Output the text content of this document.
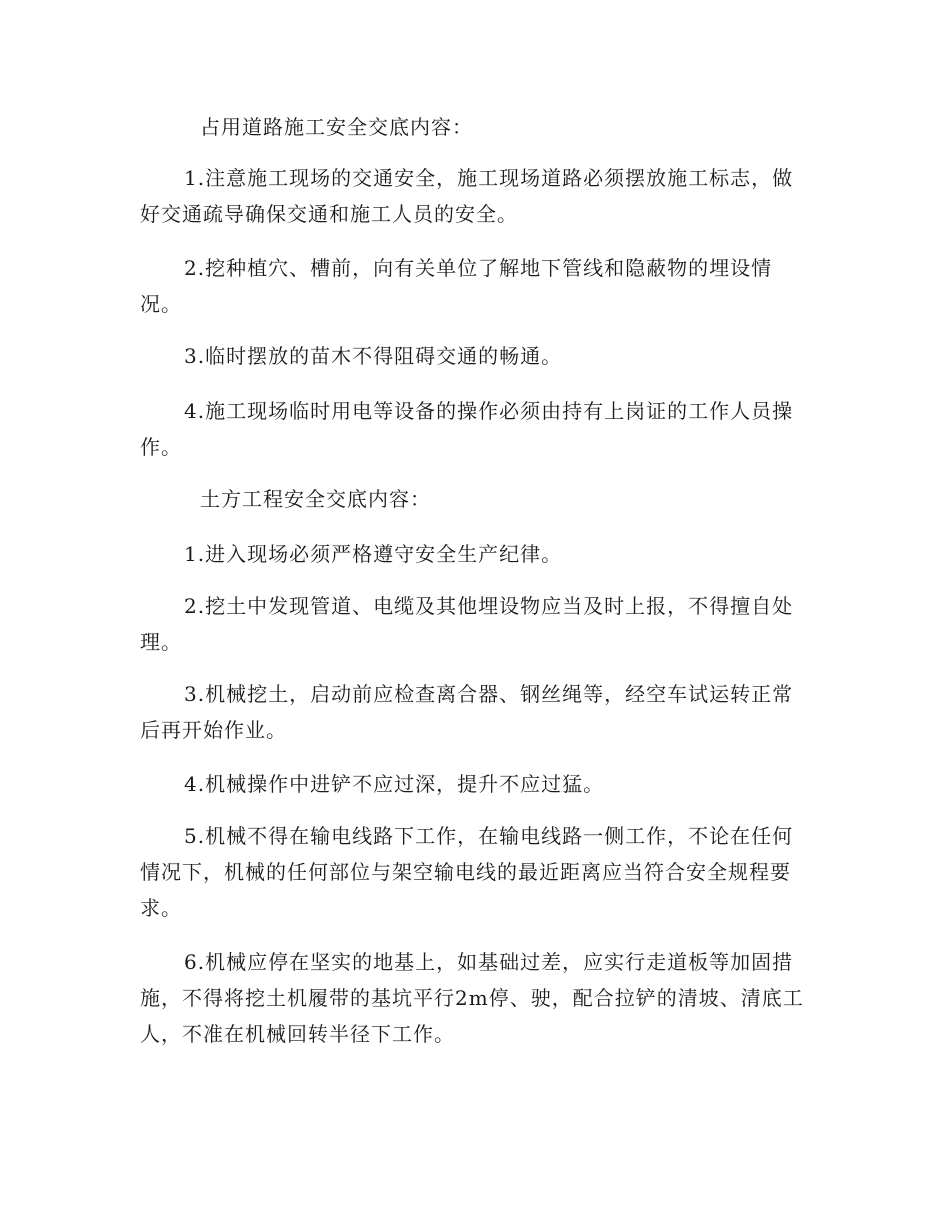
占用道路施工安全交底内容：

1.注意施工现场的交通安全，施工现场道路必须摆放施工标志，做好交通疏导确保交通和施工人员的安全。

2.挖种植穴、槽前，向有关单位了解地下管线和隐蔽物的埋设情况。

3.临时摆放的苗木不得阻碍交通的畅通。

4.施工现场临时用电等设备的操作必须由持有上岗证的工作人员操作。

土方工程安全交底内容：

1.进入现场必须严格遵守安全生产纪律。

2.挖土中发现管道、电缆及其他埋设物应当及时上报，不得擅自处理。

3.机械挖土，启动前应检查离合器、钢丝绳等，经空车试运转正常后再开始作业。

4.机械操作中进铲不应过深，提升不应过猛。

5.机械不得在输电线路下工作，在输电线路一侧工作，不论在任何情况下，机械的任何部位与架空输电线的最近距离应当符合安全规程要求。

6.机械应停在坚实的地基上，如基础过差，应实行走道板等加固措施，不得将挖土机履带的基坑平行2m停、驶，配合拉铲的清坡、清底工人，不准在机械回转半径下工作。
